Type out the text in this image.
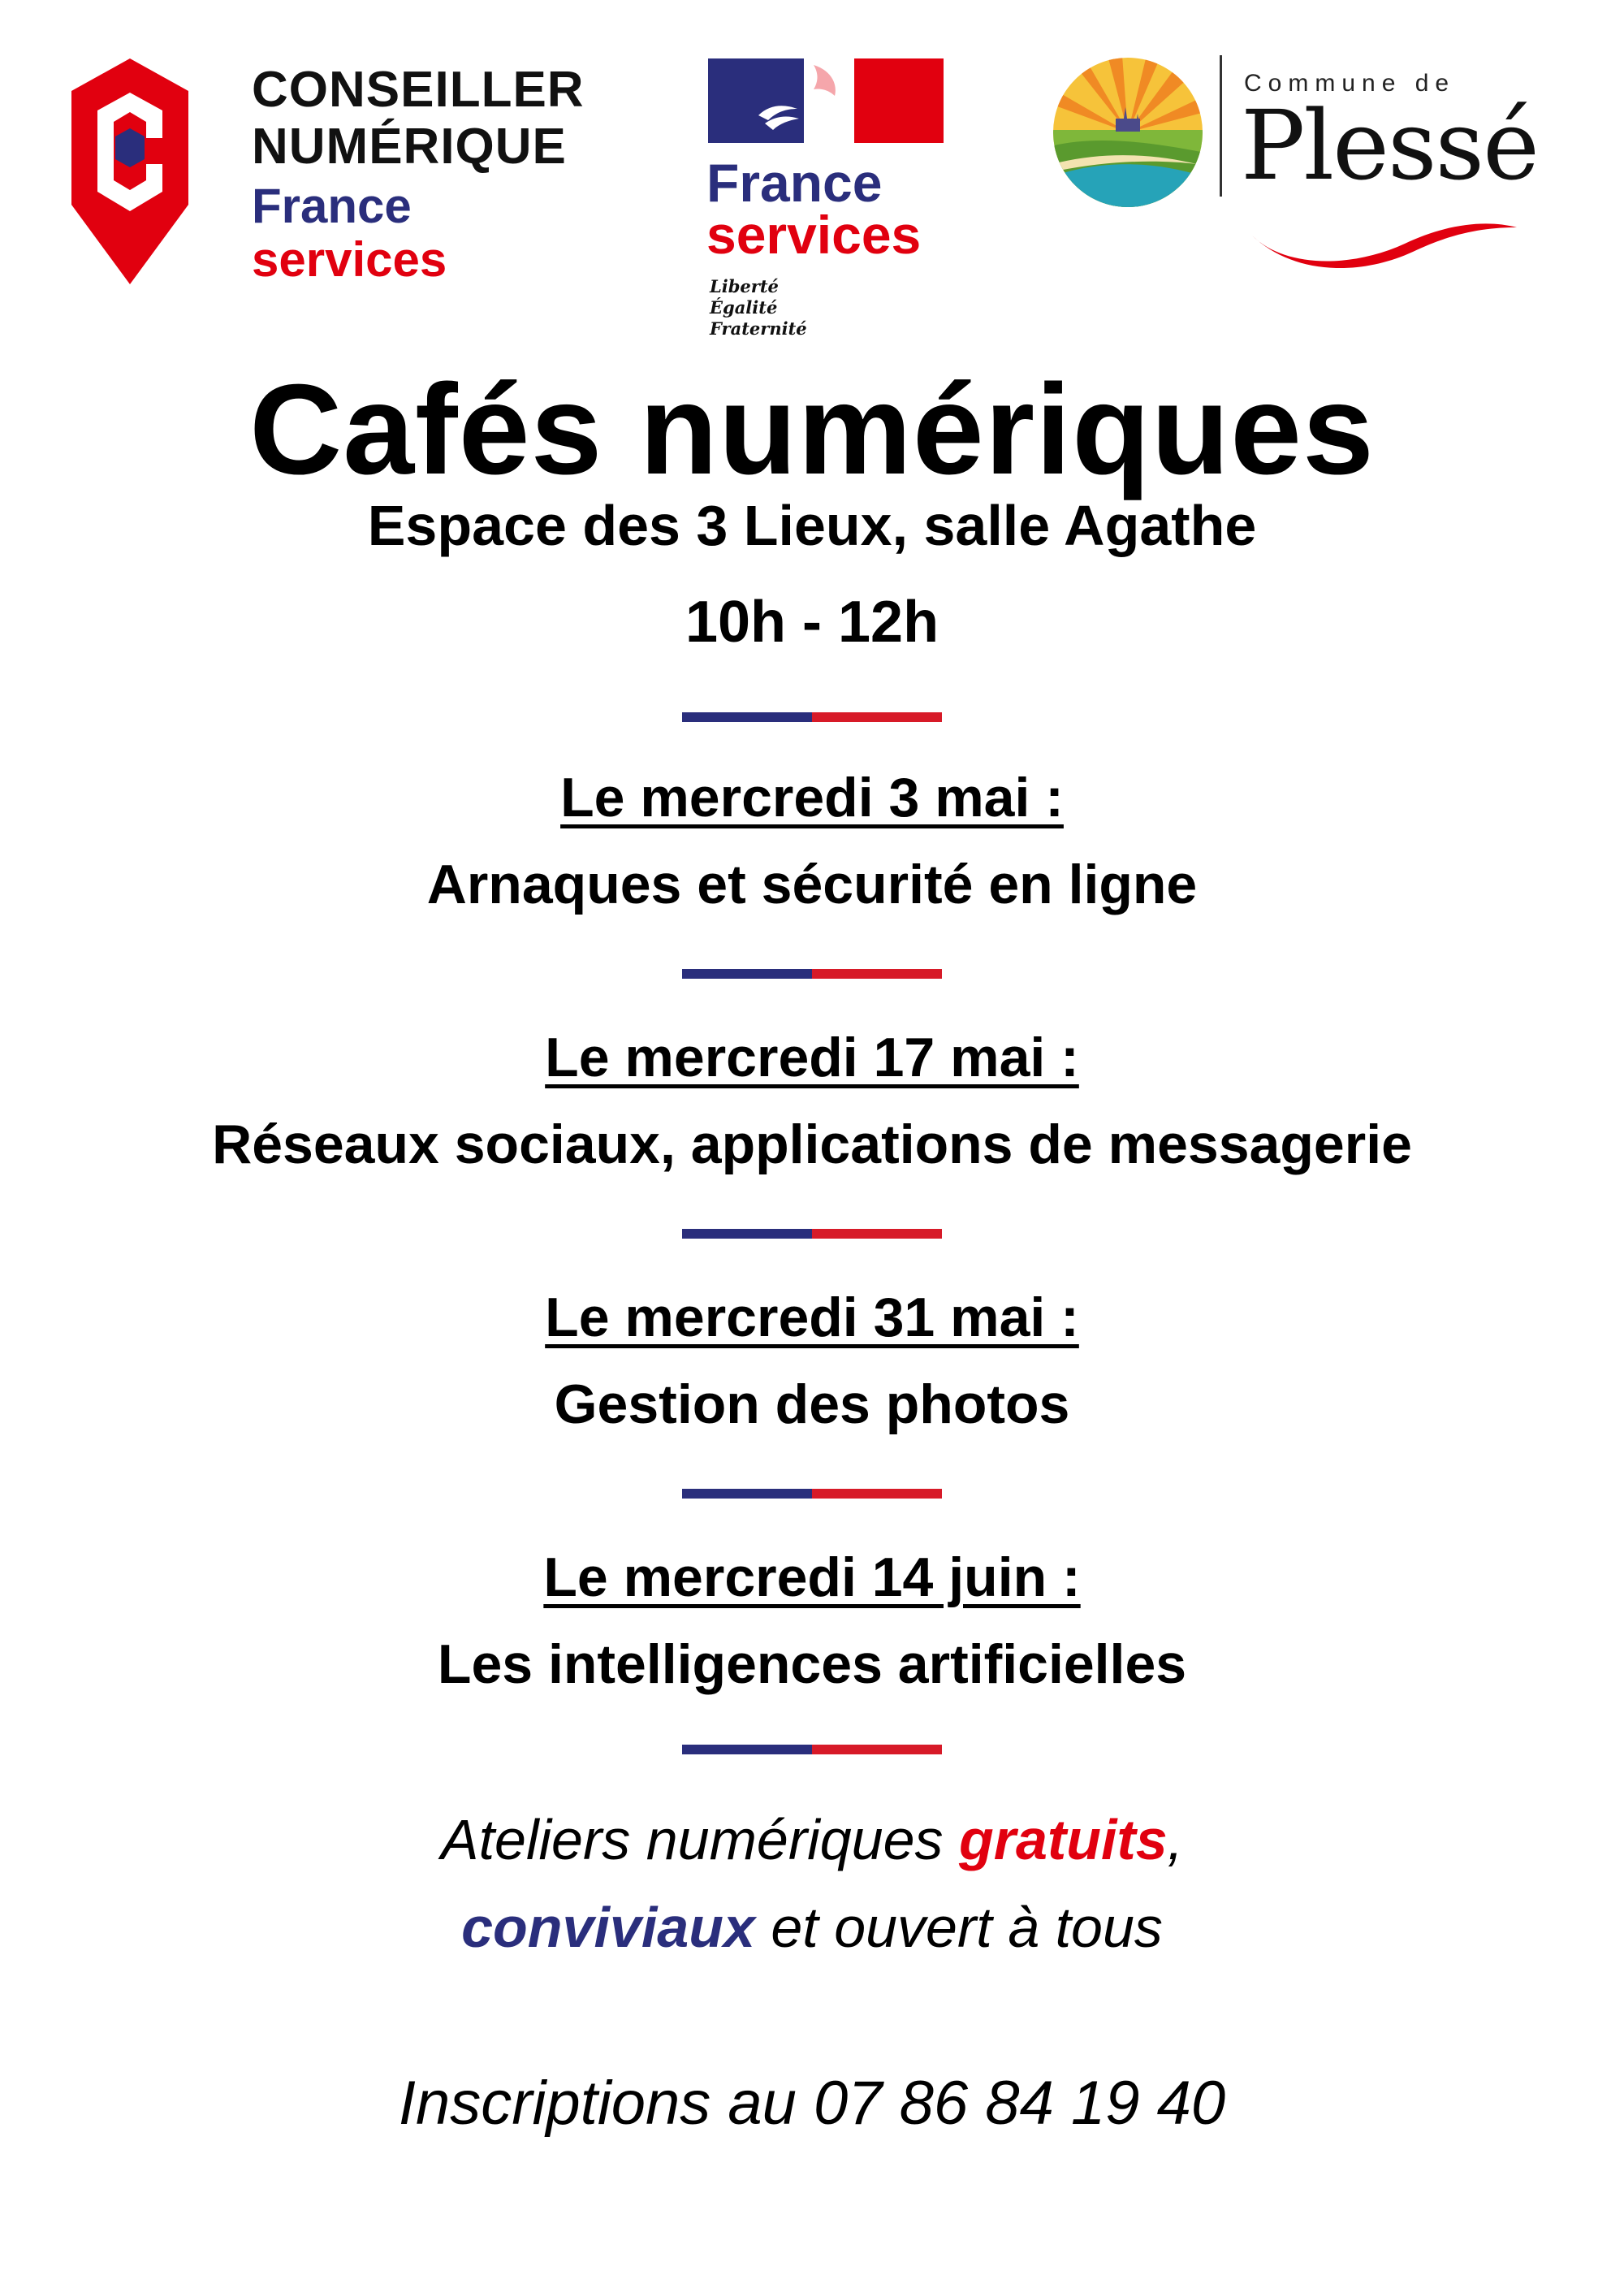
CONSEILLER
NUMÉRIQUE
France
services
France
services
Liberté
Égalité
Fraternité
Commune de
Plessé
Cafés numériques
Espace des 3 Lieux, salle Agathe
10h - 12h
Le mercredi 3 mai :
Arnaques et sécurité en ligne
Le mercredi 17 mai :
Réseaux sociaux, applications de messagerie
Le mercredi 31 mai :
Gestion des photos
Le mercredi 14 juin :
Les intelligences artificielles
Ateliers numériques gratuits,
conviviaux et ouvert à tous
Inscriptions au 07 86 84 19 40
